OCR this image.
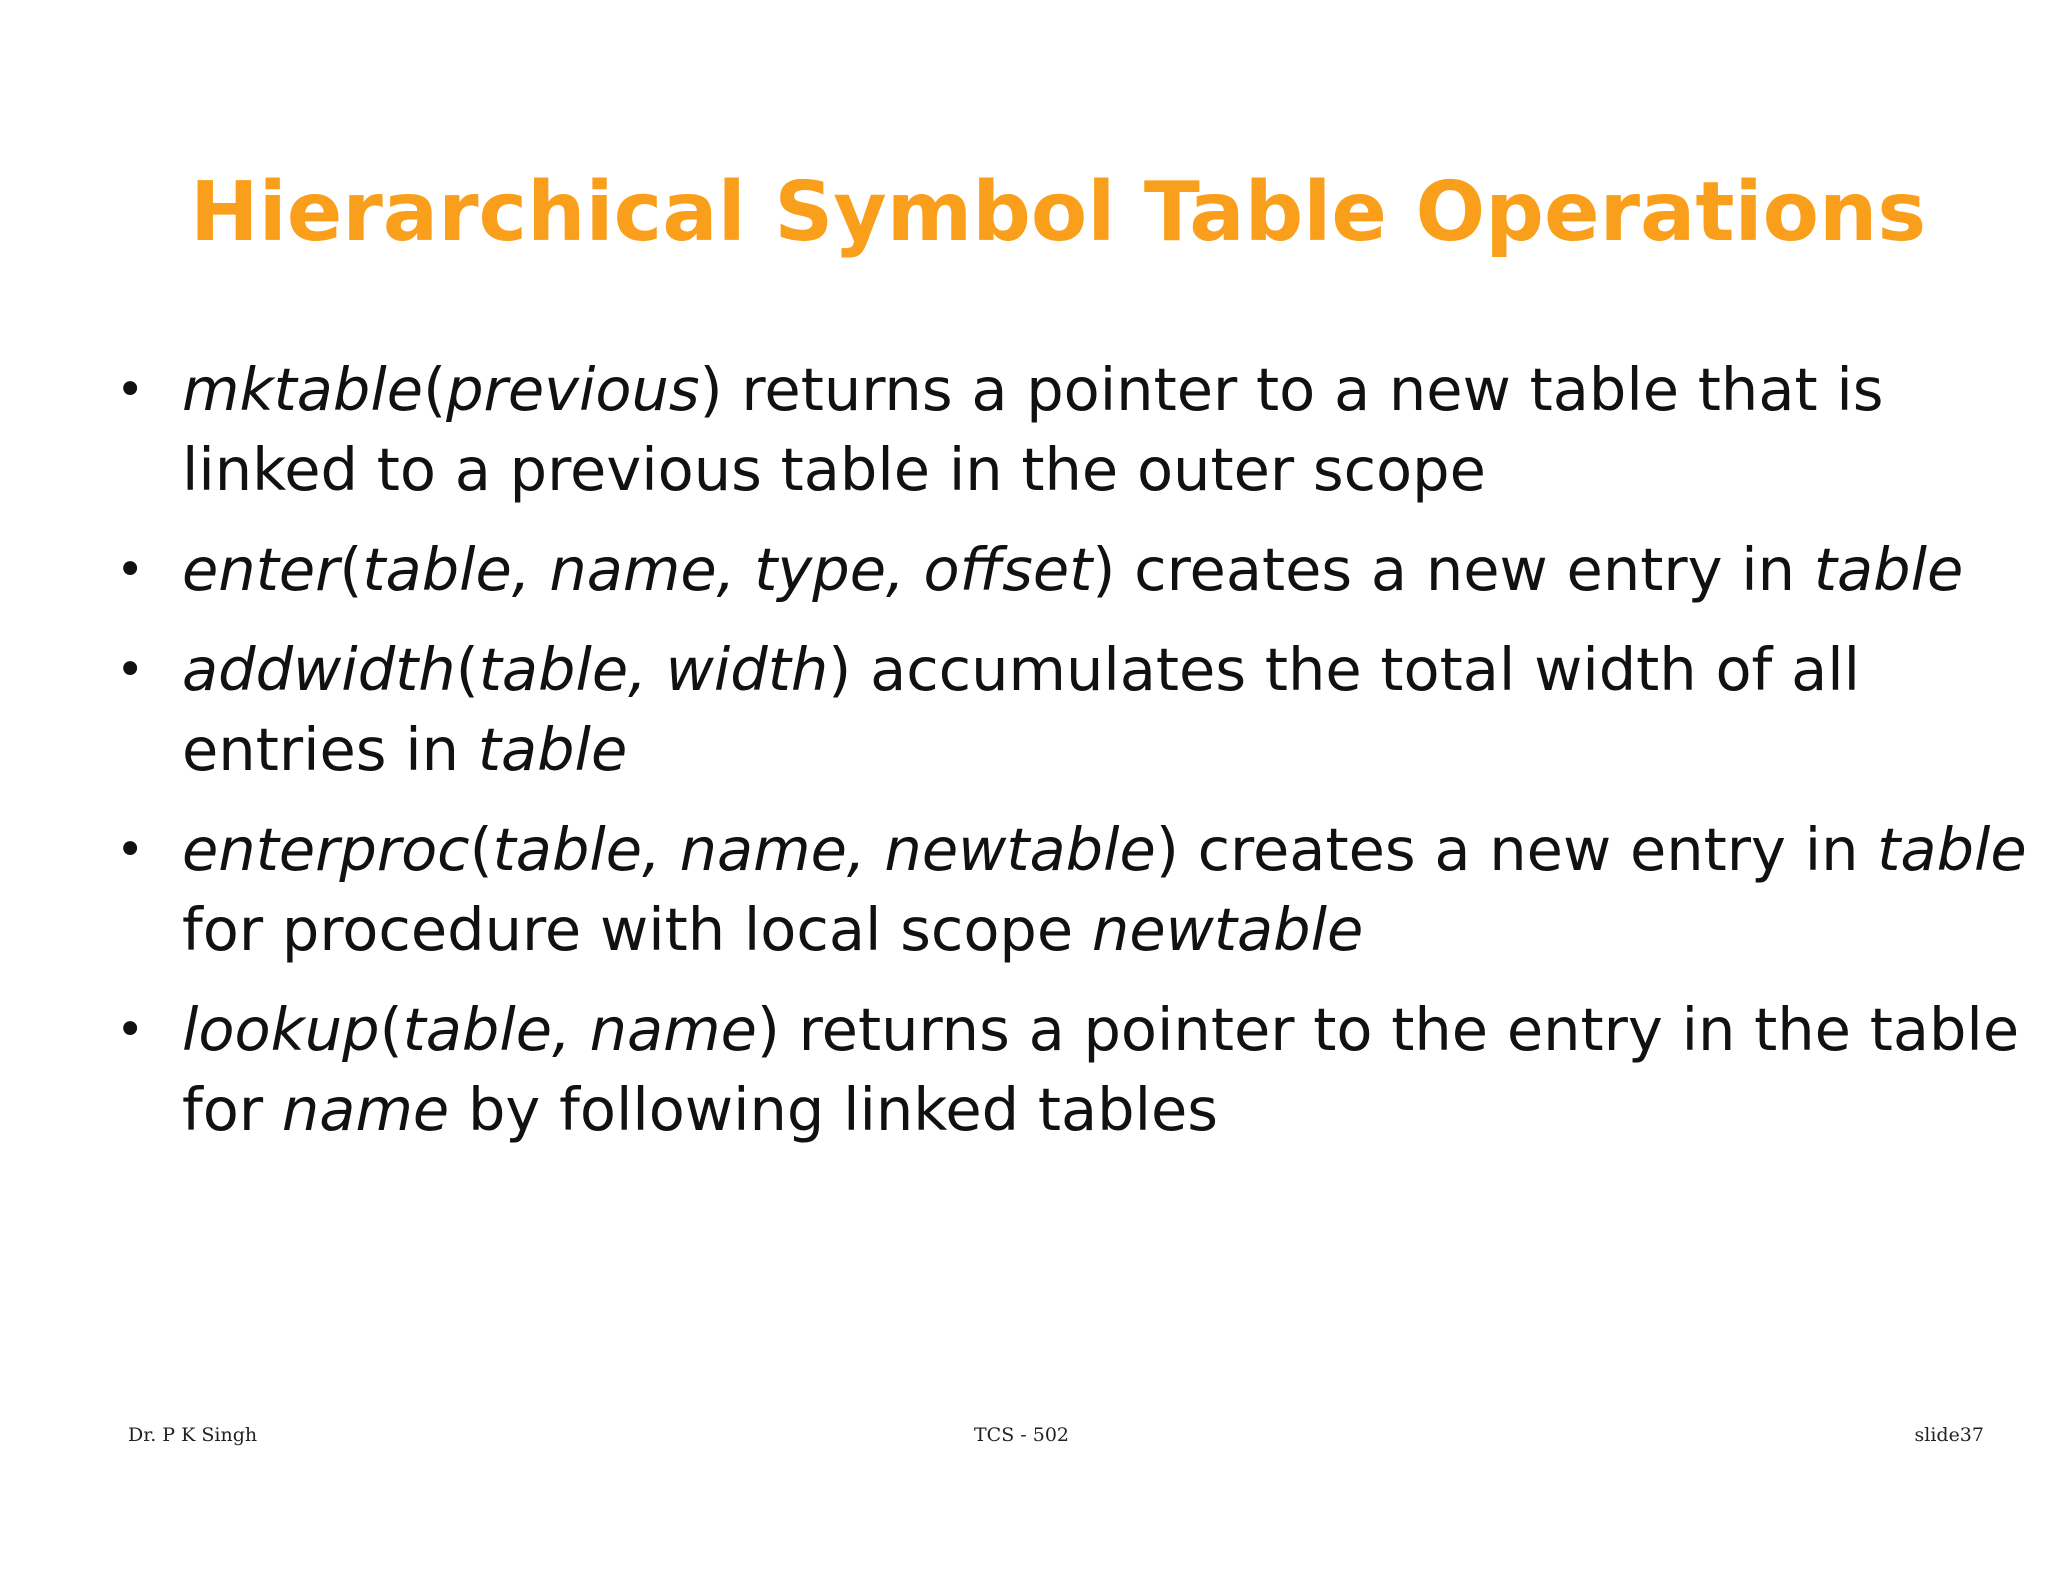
Hierarchical Symbol Table Operations
• mktable(previous) returns a pointer to a new table that is
linked to a previous table in the outer scope
• enter(table, name, type, offset) creates a new entry in table
• addwidth(table, width) accumulates the total width of all
entries in table
• enterproc(table, name, newtable) creates a new entry in table
for procedure with local scope newtable
• lookup(table, name) returns a pointer to the entry in the table
for name by following linked tables
Dr. P K Singh	TCS - 502	slide37
